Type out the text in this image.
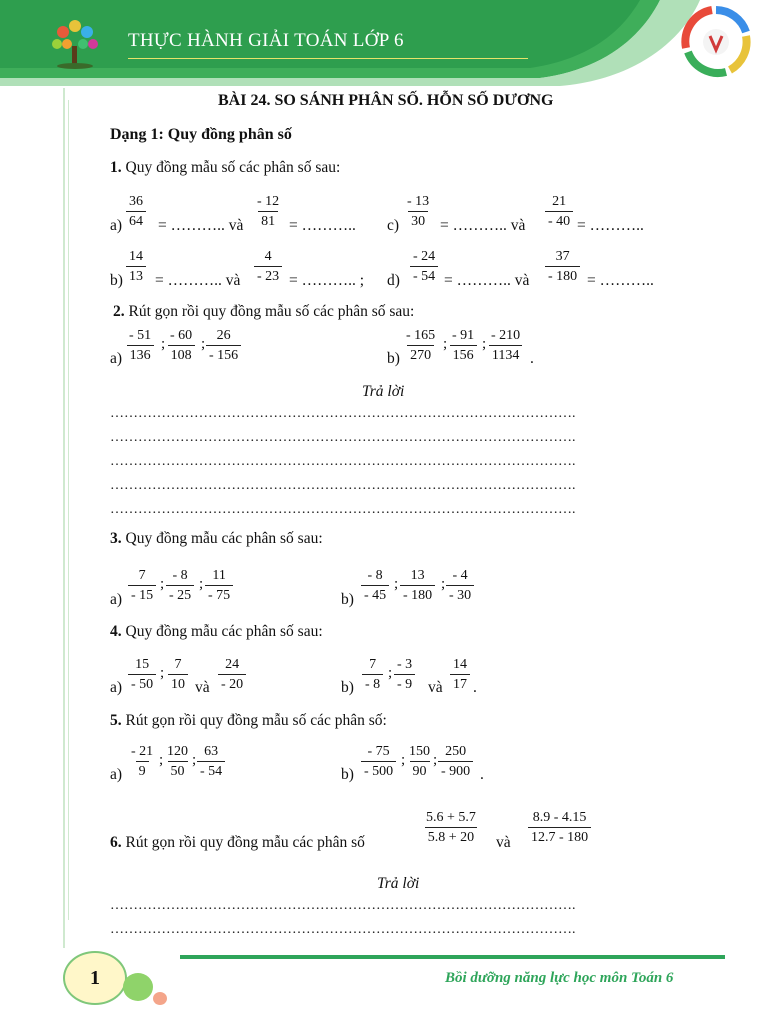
THỰC HÀNH GIẢI TOÁN LỚP 6
BÀI 24. SO SÁNH PHÂN SỐ. HỖN SỐ DƯƠNG
Dạng 1: Quy đồng phân số
1. Quy đồng mẫu số các phân số sau:
$a) \frac{36}{64}$ = ……….. và $\frac{- 12}{81}$ = ……….. $c) \frac{- 13}{30}$ = ……….. và $\frac{21}{- 40}$ = ………..
$b) \frac{14}{13}$ = ……….. và $\frac{4}{- 23}$ = ……….. ; $d) \frac{- 24}{- 54}$ = ……….. và $\frac{37}{- 180}$ = ………..
2. Rút gọn rồi quy đồng mẫu số các phân số sau:
$a) \frac{- 51}{136}$ ; $\frac{- 60}{108}$ ; $\frac{26}{- 156}$	$b) \frac{- 165}{270}$ ; $\frac{- 91}{156}$ ; $\frac{- 210}{1134}$ .
Trả lời
……………………………………………………………………………………….
……………………………………………………………………………………….
……………………………………………………………………………………….
……………………………………………………………………………………….
……………………………………………………………………………………….
3. Quy đồng mẫu các phân số sau:
$a) \frac{7}{- 15}$ ; $\frac{- 8}{- 25}$ ; $\frac{11}{- 75}$	$b) \frac{- 8}{- 45}$ ; $\frac{13}{- 180}$ ; $\frac{- 4}{- 30}$
4. Quy đồng mẫu các phân số sau:
$a) \frac{15}{- 50}$ ; $\frac{7}{10}$ và $\frac{24}{- 20}$	$b) \frac{7}{- 8}$ ; $\frac{- 3}{- 9}$ và $\frac{14}{17}$ .
5. Rút gọn rồi quy đồng mẫu số các phân số:
$a) \frac{- 21}{9}$ ; $\frac{120}{50}$ ; $\frac{63}{- 54}$	$b) \frac{- 75}{- 500}$ ; $\frac{150}{90}$ ; $\frac{250}{- 900}$ .
6. Rút gọn rồi quy đồng mẫu các phân số	$\frac{5.6 + 5.7}{5.8 + 20}$ và $\frac{8.9 - 4.15}{12.7 - 180}$
Trả lời
……………………………………………………………………………………….
……………………………………………………………………………………….
1	Bồi dưỡng năng lực học môn Toán 6
